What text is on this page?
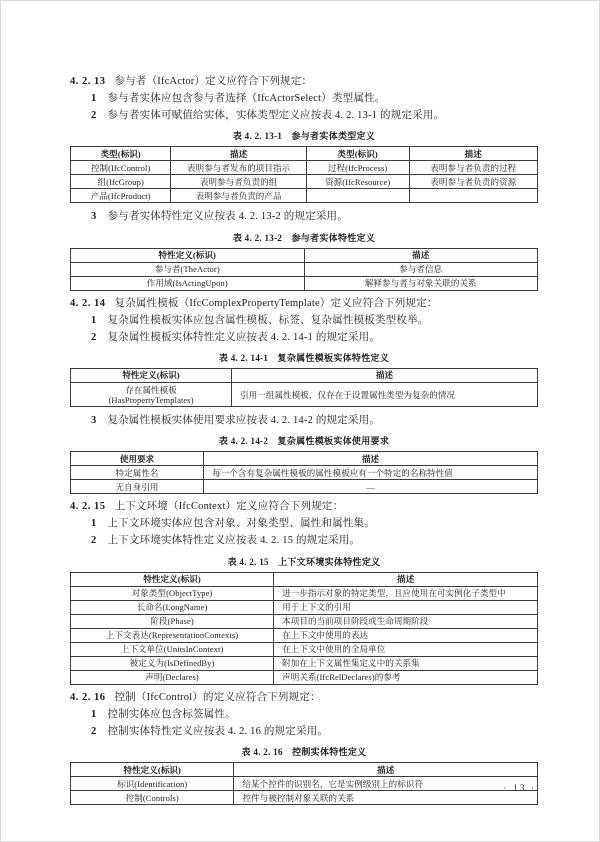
4. 2. 13 参与者（IfcActor）定义应符合下列规定：

1 参与者实体应包含参与者选择（IfcActorSelect）类型属性。

2 参与者实体可赋值给实体，实体类型定义应按表 4. 2. 13-1 的规定采用。

表 4. 2. 13-1　参与者实体类型定义

类型(标识)	描述	类型(标识)	描述
控制(IfcControl)	表明参与者发布的项目指示	过程(IfcProcess)	表明参与者负责的过程
组(IfcGroup)	表明参与者负责的组	资源(IfcResource)	表明参与者负责的资源
产品(IfcProduct)	表明参与者负责的产品		

3 参与者实体特性定义应按表 4. 2. 13-2 的规定采用。

表 4. 2. 13-2　参与者实体特性定义

特性定义(标识)	描述
参与者(TheActor)	参与者信息
作用域(IsActingUpon)	解释参与者与对象关联的关系

4. 2. 14 复杂属性模板（IfcComplexPropertyTemplate）定义应符合下列规定：

1 复杂属性模板实体应包含属性模板、标签、复杂属性模板类型枚举。

2 复杂属性模板实体特性定义应按表 4. 2. 14-1 的规定采用。

表 4. 2. 14-1　复杂属性模板实体特性定义

特性定义(标识)	描述
存在属性模板
(HasPropertyTemplates)	引用一组属性模板，仅存在于设置属性类型为复杂的情况

3 复杂属性模板实体使用要求应按表 4. 2. 14-2 的规定采用。

表 4. 2. 14-2　复杂属性模板实体使用要求

使用要求	描述
特定属性名	每一个含有复杂属性模板的属性模板应有一个特定的名称特性值
无自身引用	—

4. 2. 15 上下文环境（IfcContext）定义应符合下列规定：

1 上下文环境实体应包含对象、对象类型、属性和属性集。

2 上下文环境实体特性定义应按表 4. 2. 15 的规定采用。

表 4. 2. 15　上下文环境实体特性定义

特性定义(标识)	描述
对象类型(ObjectType)	进一步指示对象的特定类型，且应使用在可实例化子类型中
长命名(LongName)	用于上下文的引用
阶段(Phase)	本项目的当前项目阶段或生命周期阶段
上下文表达(RepresentationContexts)	在上下文中使用的表达
上下文单位(UnitsInContext)	在上下文中使用的全局单位
被定义为(IsDefinedBy)	附加在上下文属性集定义中的关系集
声明(Declares)	声明关系(IfcRelDeclares)的参考

4. 2. 16 控制（IfcControl）的定义应符合下列规定：

1 控制实体应包含标签属性。

2 控制实体特性定义应按表 4. 2. 16 的规定采用。

表 4. 2. 16　控制实体特性定义

特性定义(标识)	描述
标识(Identification)	给某个控件的识别名，它是实例级别上的标识符
控制(Controls)	控件与被控制对象关联的关系
· 13 ·
